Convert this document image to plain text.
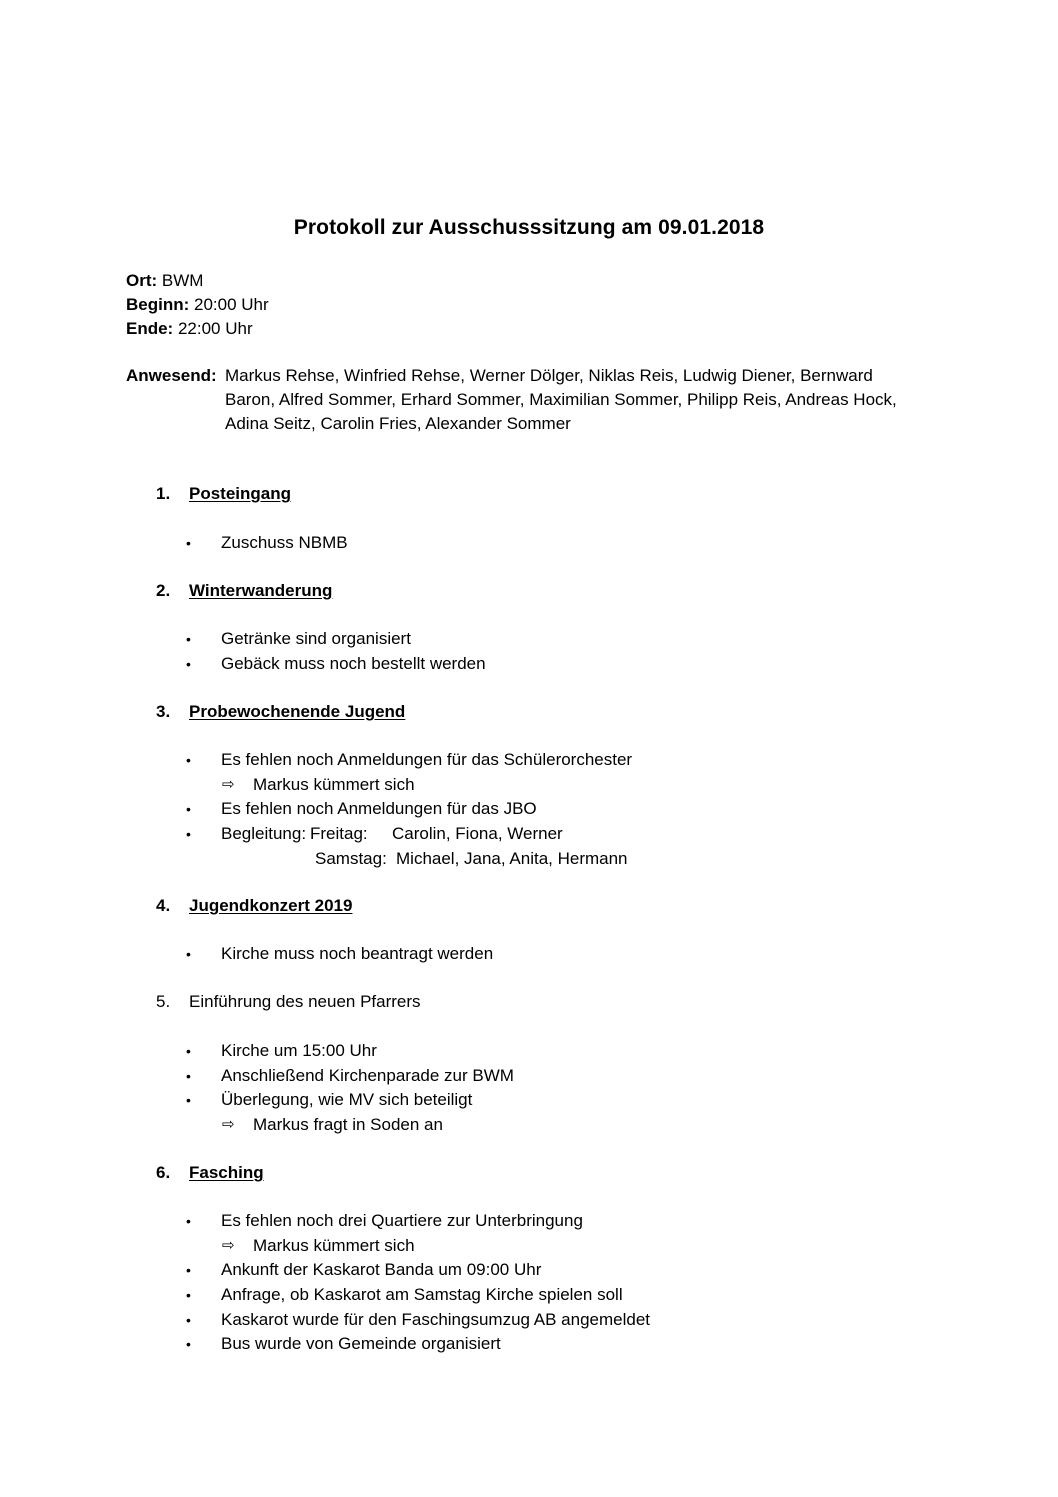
Protokoll zur Ausschusssitzung am 09.01.2018
Ort: BWM
Beginn: 20:00 Uhr
Ende: 22:00 Uhr
Anwesend: Markus Rehse, Winfried Rehse, Werner Dölger, Niklas Reis, Ludwig Diener, Bernward
Baron, Alfred Sommer, Erhard Sommer, Maximilian Sommer, Philipp Reis, Andreas Hock,
Adina Seitz, Carolin Fries, Alexander Sommer
1. Posteingang
•	Zuschuss NBMB
2. Winterwanderung
•	Getränke sind organisiert
•	Gebäck muss noch bestellt werden
3. Probewochenende Jugend
•	Es fehlen noch Anmeldungen für das Schülerorchester
⇨ Markus kümmert sich
•	Es fehlen noch Anmeldungen für das JBO
•	Begleitung: Freitag: Carolin, Fiona, Werner
Samstag: Michael, Jana, Anita, Hermann
4. Jugendkonzert 2019
•	Kirche muss noch beantragt werden
5. Einführung des neuen Pfarrers
•	Kirche um 15:00 Uhr
•	Anschließend Kirchenparade zur BWM
•	Überlegung, wie MV sich beteiligt
⇨ Markus fragt in Soden an
6. Fasching
•	Es fehlen noch drei Quartiere zur Unterbringung
⇨ Markus kümmert sich
•	Ankunft der Kaskarot Banda um 09:00 Uhr
•	Anfrage, ob Kaskarot am Samstag Kirche spielen soll
•	Kaskarot wurde für den Faschingsumzug AB angemeldet
•	Bus wurde von Gemeinde organisiert
